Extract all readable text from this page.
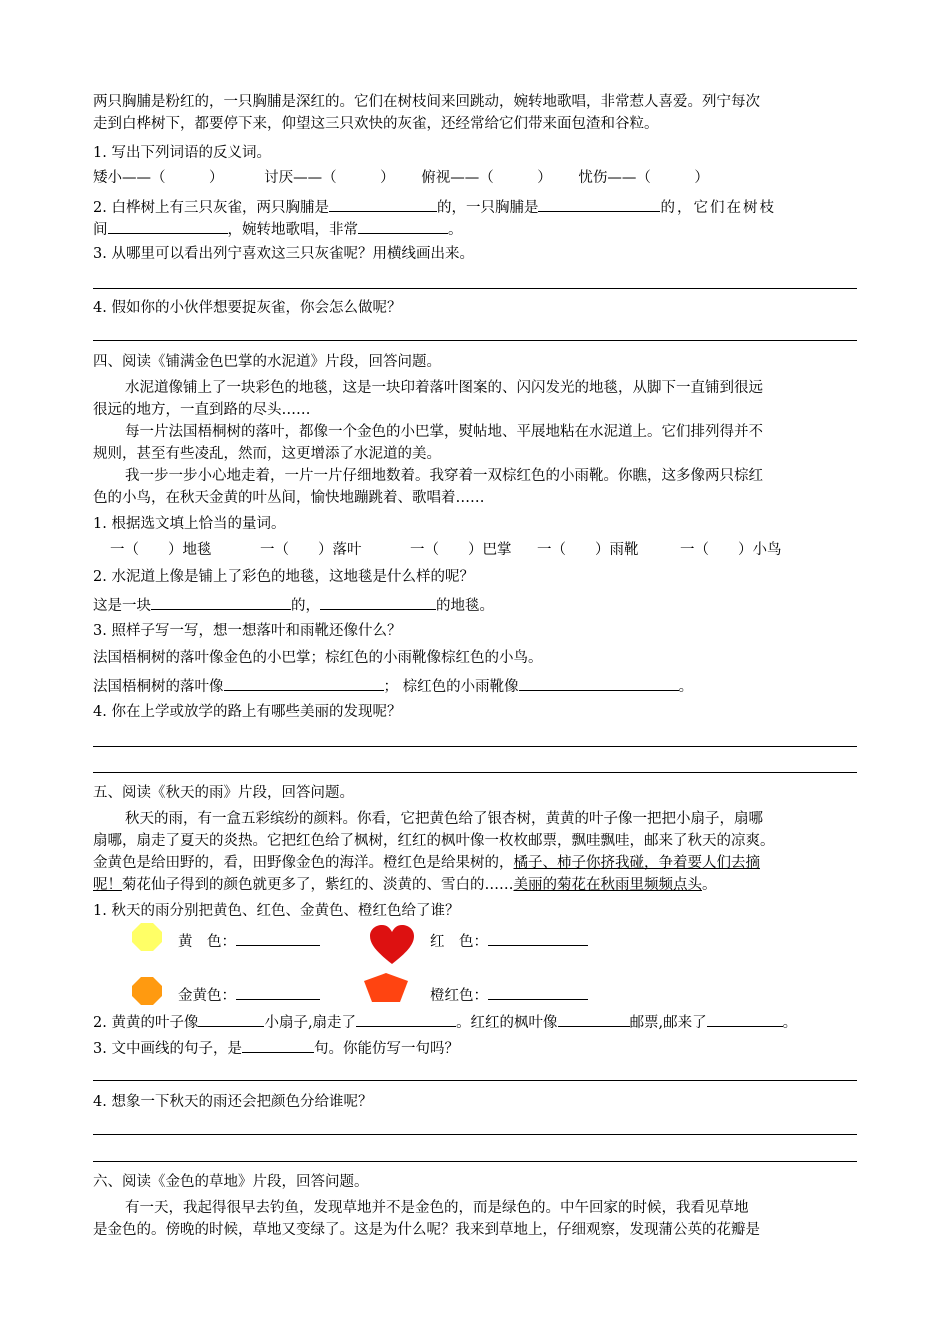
两只胸脯是粉红的，一只胸脯是深红的。它们在树枝间来回跳动，婉转地歌唱，非常惹人喜爱。列宁每次
走到白桦树下，都要停下来，仰望这三只欢快的灰雀，还经常给它们带来面包渣和谷粒。
1. 写出下列词语的反义词。
矮小——（　　　）	讨厌——（　　　） 俯视——（　　　） 忧伤——（　　　）
2. 白桦树上有三只灰雀，两只胸脯是	的，一只胸脯是	的，它们在树枝
间	，婉转地歌唱，非常	。
3. 从哪里可以看出列宁喜欢这三只灰雀呢？用横线画出来。
4. 假如你的小伙伴想要捉灰雀，你会怎么做呢？
四、阅读《铺满金色巴掌的水泥道》片段，回答问题。
水泥道像铺上了一块彩色的地毯，这是一块印着落叶图案的、闪闪发光的地毯，从脚下一直铺到很远
很远的地方，一直到路的尽头……
每一片法国梧桐树的落叶，都像一个金色的小巴掌，熨帖地、平展地粘在水泥道上。它们排列得并不
规则，甚至有些凌乱，然而，这更增添了水泥道的美。
我一步一步小心地走着，一片一片仔细地数着。我穿着一双棕红色的小雨靴。你瞧，这多像两只棕红
色的小鸟，在秋天金黄的叶丛间，愉快地蹦跳着、歌唱着……
1. 根据选文填上恰当的量词。
一（　　）地毯	一（　　）落叶	一（　　）巴掌 一（　　）雨靴	一（　　）小鸟
2. 水泥道上像是铺上了彩色的地毯，这地毯是什么样的呢？
这是一块	的，	的地毯。
3. 照样子写一写，想一想落叶和雨靴还像什么？
法国梧桐树的落叶像金色的小巴掌；棕红色的小雨靴像棕红色的小鸟。
法国梧桐树的落叶像	； 棕红色的小雨靴像	。
4. 你在上学或放学的路上有哪些美丽的发现呢？
五、阅读《秋天的雨》片段，回答问题。
秋天的雨，有一盒五彩缤纷的颜料。你看，它把黄色给了银杏树，黄黄的叶子像一把把小扇子，扇哪
扇哪，扇走了夏天的炎热。它把红色给了枫树，红红的枫叶像一枚枚邮票，飘哇飘哇，邮来了秋天的凉爽。
金黄色是给田野的，看，田野像金色的海洋。橙红色是给果树的，橘子、柿子你挤我碰，争着要人们去摘
呢！菊花仙子得到的颜色就更多了，紫红的、淡黄的、雪白的……美丽的菊花在秋雨里频频点头。
1. 秋天的雨分别把黄色、红色、金黄色、橙红色给了谁？
黄　色：	红　色：
金黄色：	橙红色：
2. 黄黄的叶子像	小扇子,扇走了	。红红的枫叶像	邮票,邮来了	。
3. 文中画线的句子，是	句。你能仿写一句吗？
4. 想象一下秋天的雨还会把颜色分给谁呢？
六、阅读《金色的草地》片段，回答问题。
有一天，我起得很早去钓鱼，发现草地并不是金色的，而是绿色的。中午回家的时候，我看见草地
是金色的。傍晚的时候，草地又变绿了。这是为什么呢？我来到草地上，仔细观察，发现蒲公英的花瓣是
